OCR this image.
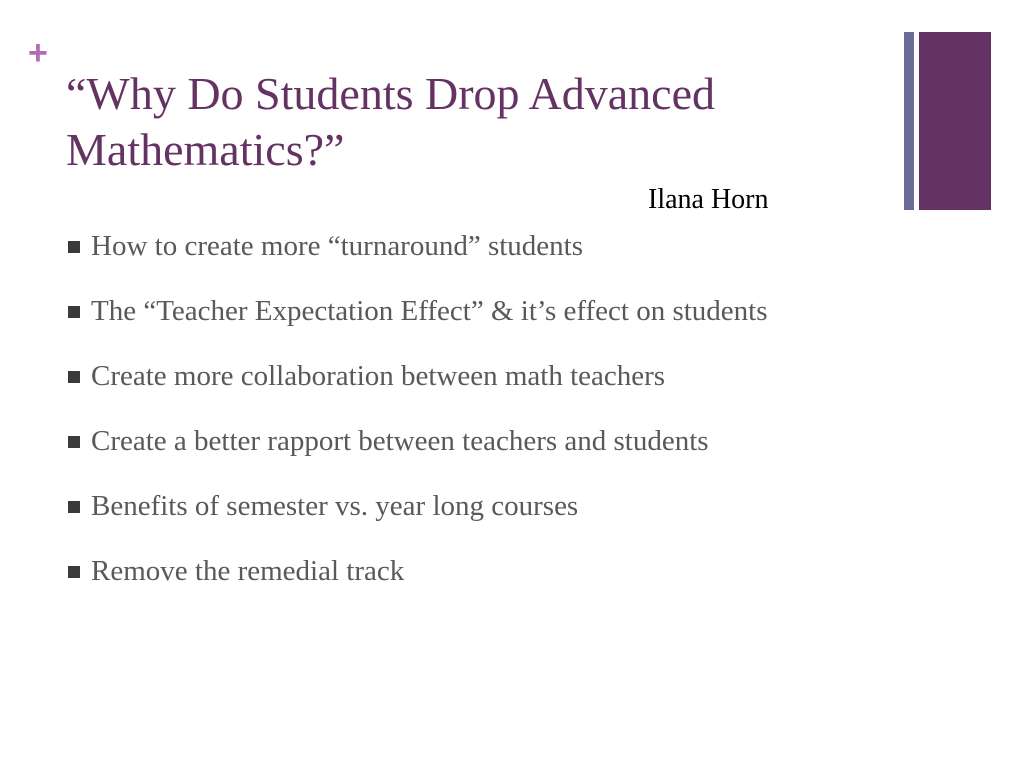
+
“Why Do Students Drop Advanced Mathematics?”
Ilana Horn
How to create more “turnaround” students
The “Teacher Expectation Effect” & it’s effect on students
Create more collaboration between math teachers
Create a better rapport between teachers and students
Benefits of semester vs. year long courses
Remove the remedial track
